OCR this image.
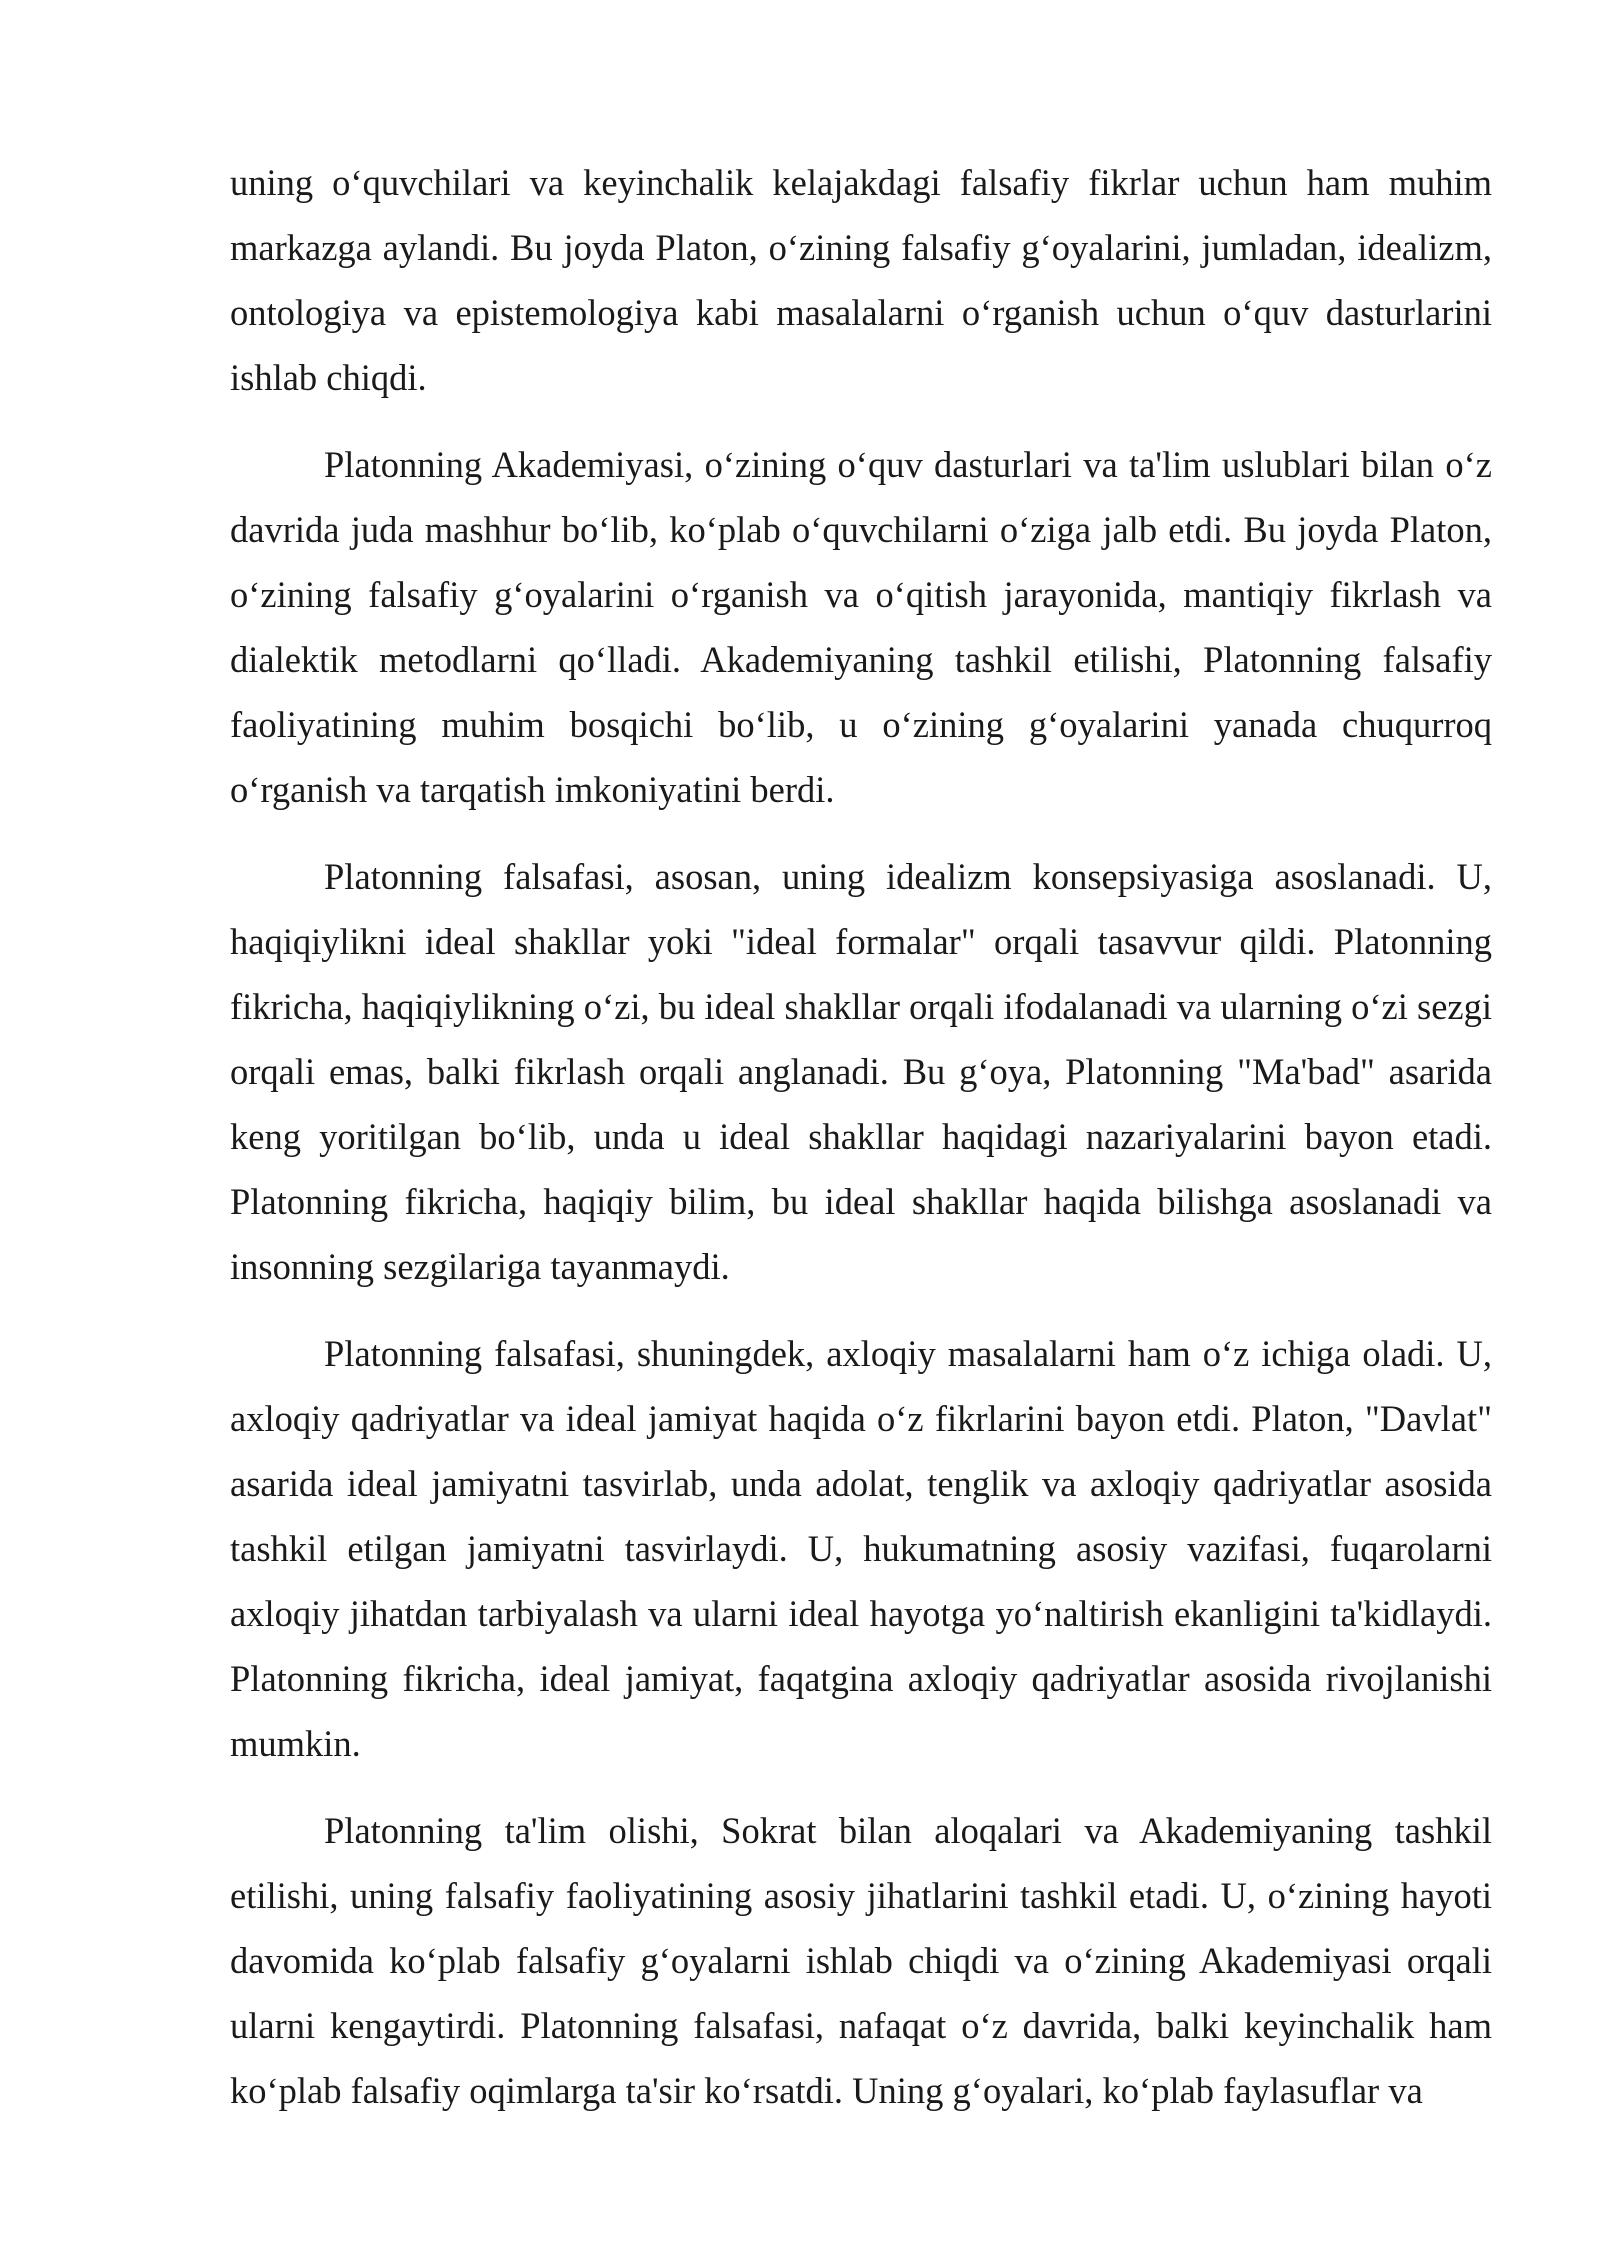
uning o‘quvchilari va keyinchalik kelajakdagi falsafiy fikrlar uchun ham muhim markazga aylandi. Bu joyda Platon, o‘zining falsafiy g‘oyalarini, jumladan, idealizm, ontologiya va epistemologiya kabi masalalarni o‘rganish uchun o‘quv dasturlarini ishlab chiqdi.

Platonning Akademiyasi, o‘zining o‘quv dasturlari va ta'lim uslublari bilan o‘z davrida juda mashhur bo‘lib, ko‘plab o‘quvchilarni o‘ziga jalb etdi. Bu joyda Platon, o‘zining falsafiy g‘oyalarini o‘rganish va o‘qitish jarayonida, mantiqiy fikrlash va dialektik metodlarni qo‘lladi. Akademiyaning tashkil etilishi, Platonning falsafiy faoliyatining muhim bosqichi bo‘lib, u o‘zining g‘oyalarini yanada chuqurroq o‘rganish va tarqatish imkoniyatini berdi.

Platonning falsafasi, asosan, uning idealizm konsepsiyasiga asoslanadi. U, haqiqiylikni ideal shakllar yoki "ideal formalar" orqali tasavvur qildi. Platonning fikricha, haqiqiylikning o‘zi, bu ideal shakllar orqali ifodalanadi va ularning o‘zi sezgi orqali emas, balki fikrlash orqali anglanadi. Bu g‘oya, Platonning "Ma'bad" asarida keng yoritilgan bo‘lib, unda u ideal shakllar haqidagi nazariyalarini bayon etadi. Platonning fikricha, haqiqiy bilim, bu ideal shakllar haqida bilishga asoslanadi va insonning sezgilariga tayanmaydi.

Platonning falsafasi, shuningdek, axloqiy masalalarni ham o‘z ichiga oladi. U, axloqiy qadriyatlar va ideal jamiyat haqida o‘z fikrlarini bayon etdi. Platon, "Davlat" asarida ideal jamiyatni tasvirlab, unda adolat, tenglik va axloqiy qadriyatlar asosida tashkil etilgan jamiyatni tasvirlaydi. U, hukumatning asosiy vazifasi, fuqarolarni axloqiy jihatdan tarbiyalash va ularni ideal hayotga yo‘naltirish ekanligini ta'kidlaydi. Platonning fikricha, ideal jamiyat, faqatgina axloqiy qadriyatlar asosida rivojlanishi mumkin.

Platonning ta'lim olishi, Sokrat bilan aloqalari va Akademiyaning tashkil etilishi, uning falsafiy faoliyatining asosiy jihatlarini tashkil etadi. U, o‘zining hayoti davomida ko‘plab falsafiy g‘oyalarni ishlab chiqdi va o‘zining Akademiyasi orqali ularni kengaytirdi. Platonning falsafasi, nafaqat o‘z davrida, balki keyinchalik ham ko‘plab falsafiy oqimlarga ta'sir ko‘rsatdi. Uning g‘oyalari, ko‘plab faylasuflar va
